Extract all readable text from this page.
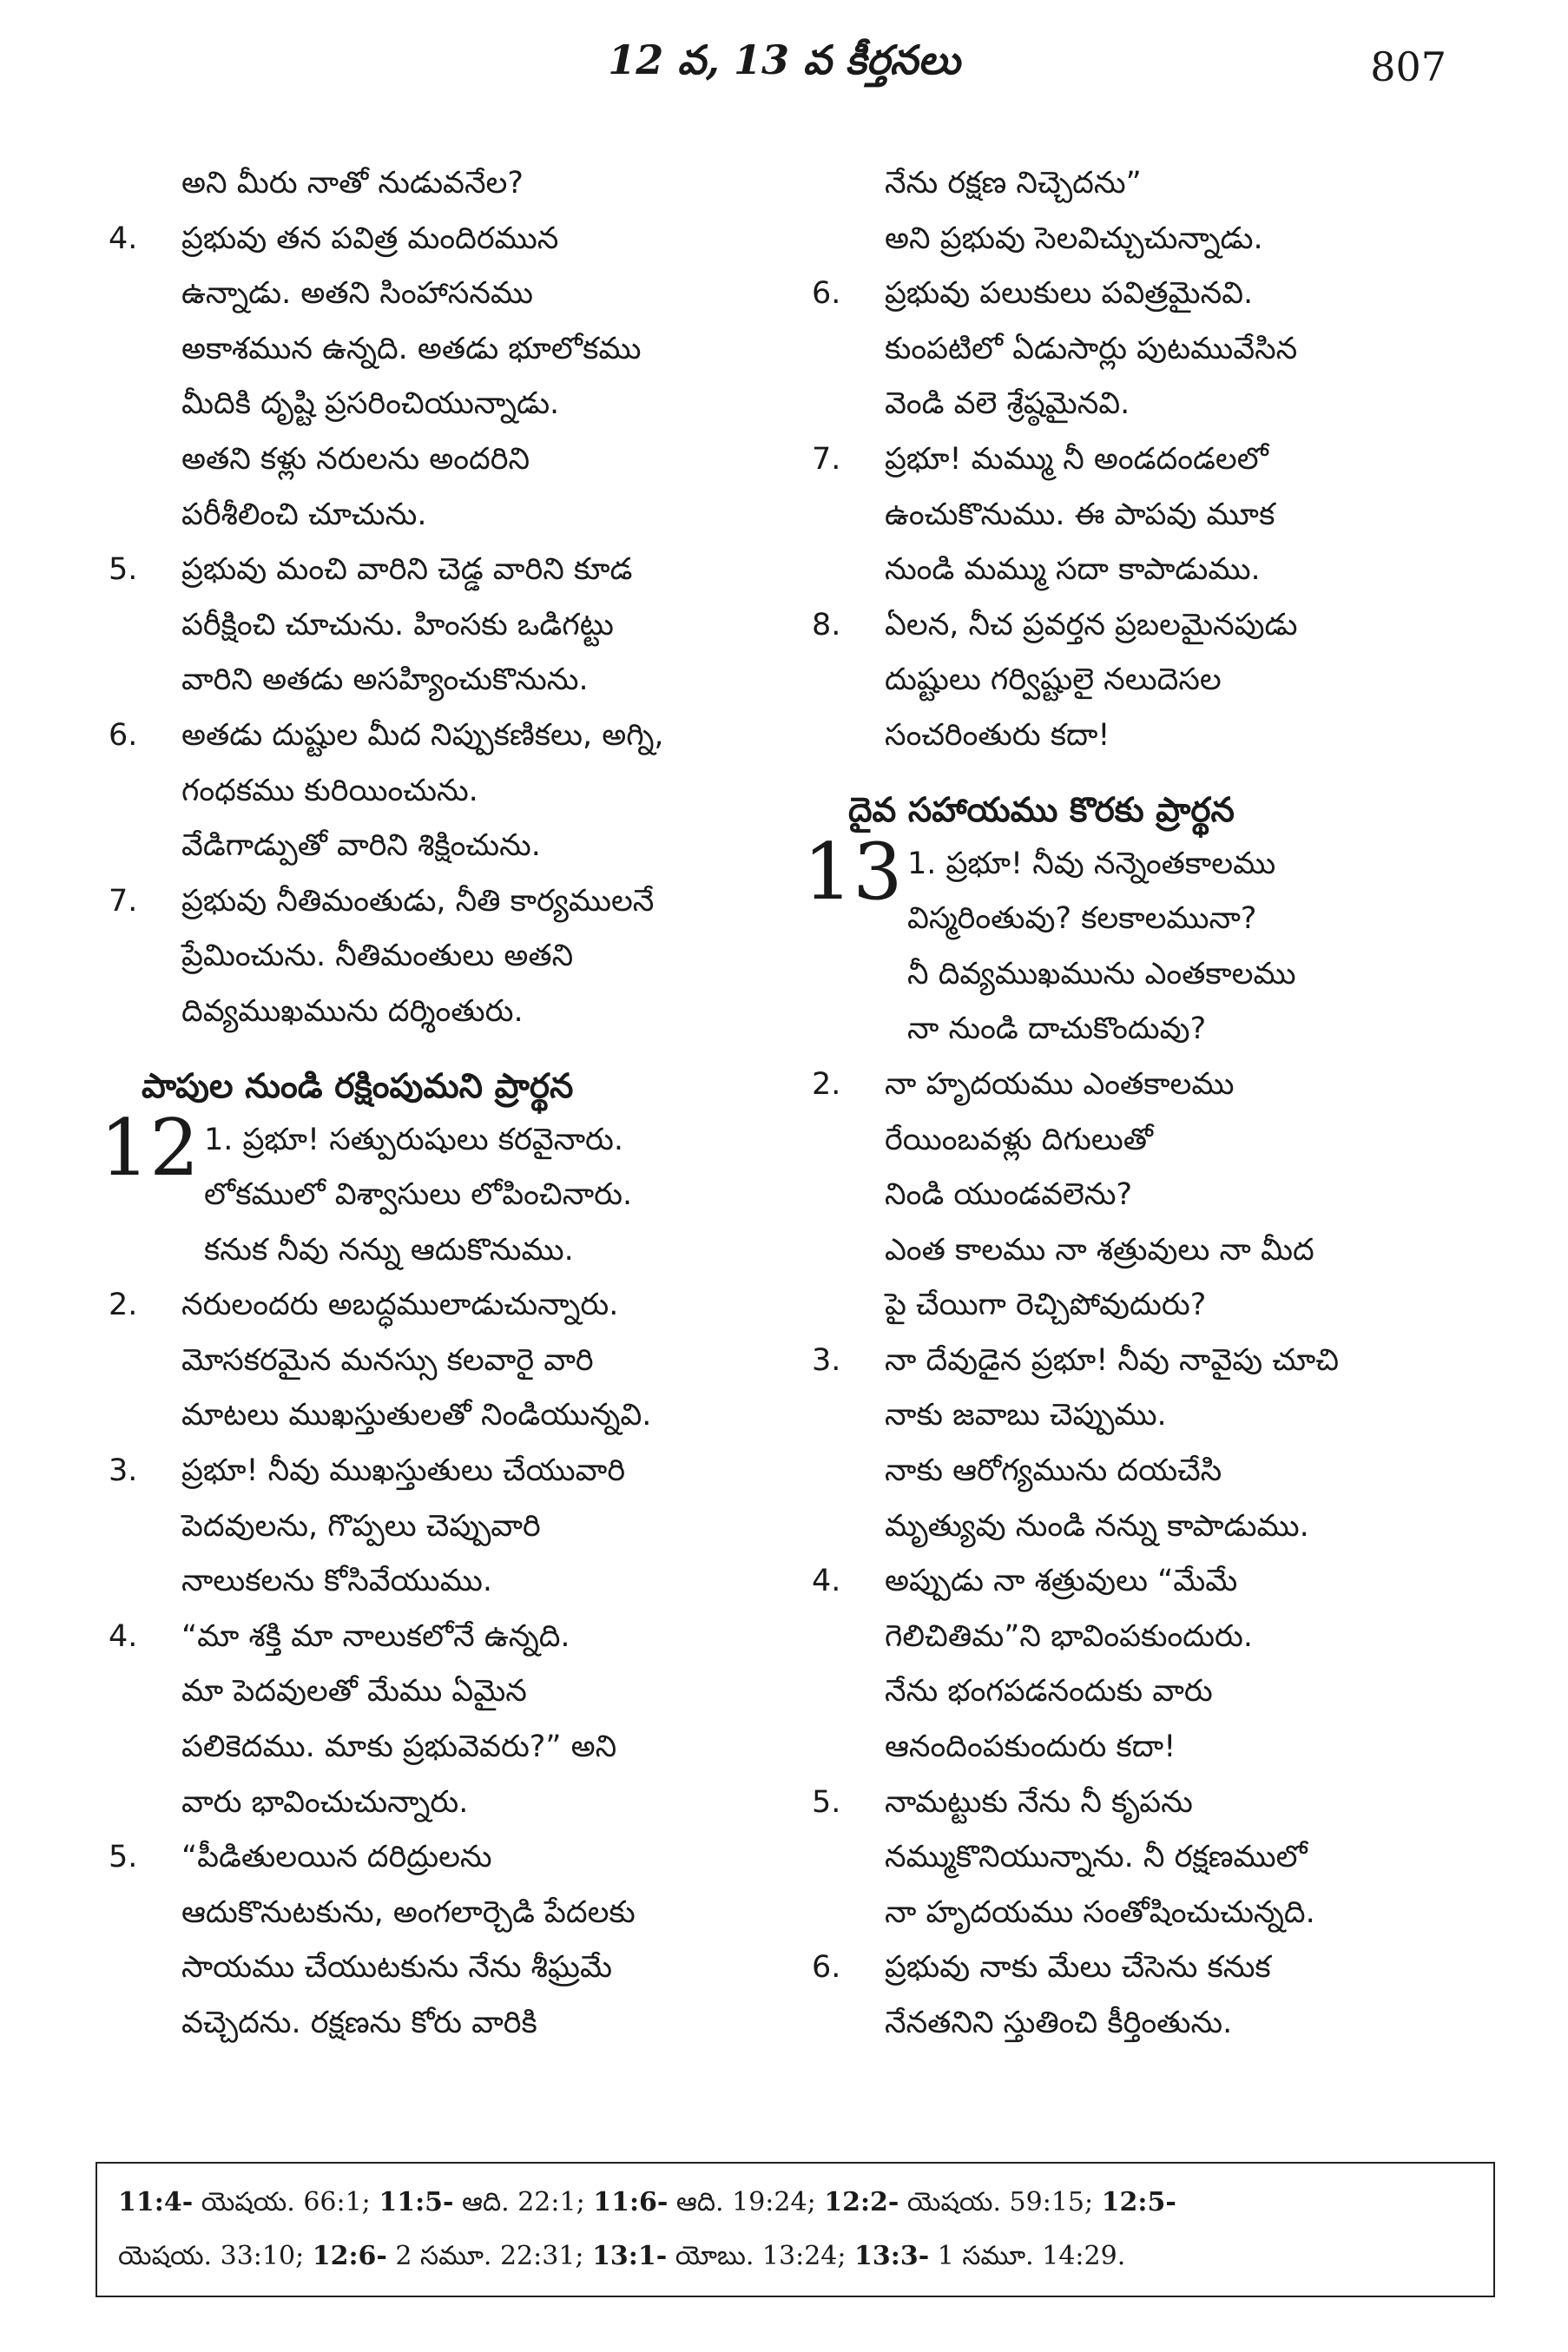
12 వ, 13 వ కీర్తనలు	807
అని మీరు నాతో నుడువనేల?
4.	ప్రభువు తన పవిత్ర మందిరమున
ఉన్నాడు. అతని సింహాసనము
అకాశమున ఉన్నది. అతడు భూలోకము
మీదికి దృష్టి ప్రసరించియున్నాడు.
అతని కళ్లు నరులను అందరిని
పరీశీలించి చూచును.
5.	ప్రభువు మంచి వారిని చెడ్డ వారిని కూడ
పరీక్షించి చూచును. హింసకు ఒడిగట్టు
వారిని అతడు అసహ్యించుకొనును.
6.	అతడు దుష్టుల మీద నిప్పుకణికలు, అగ్ని,
గంధకము కురియించును.
వేడిగాడ్పుతో వారిని శిక్షించును.
7.	ప్రభువు నీతిమంతుడు, నీతి కార్యములనే
ప్రేమించును. నీతిమంతులు అతని
దివ్యముఖమును దర్శింతురు.
పాపుల నుండి రక్షింపుమని ప్రార్థన
12 1. ప్రభూ! సత్పురుషులు కరవైనారు.
లోకములో విశ్వాసులు లోపించినారు.
కనుక నీవు నన్ను ఆదుకొనుము.
2.	నరులందరు అబద్ధములాడుచున్నారు.
మోసకరమైన మనస్సు కలవారై వారి
మాటలు ముఖస్తుతులతో నిండియున్నవి.
3.	ప్రభూ! నీవు ముఖస్తుతులు చేయువారి
పెదవులను, గొప్పలు చెప్పువారి
నాలుకలను కోసివేయుము.
4.	“మా శక్తి మా నాలుకలోనే ఉన్నది.
మా పెదవులతో మేము ఏమైన
పలికెదము. మాకు ప్రభువెవరు?” అని
వారు భావించుచున్నారు.
5.	“పీడితులయిన దరిద్రులను
ఆదుకొనుటకును, అంగలార్చెడి పేదలకు
సాయము చేయుటకును నేను శీఘ్రమే
వచ్చెదను. రక్షణను కోరు వారికి
నేను రక్షణ నిచ్చెదను”
అని ప్రభువు సెలవిచ్చుచున్నాడు.
6.	ప్రభువు పలుకులు పవిత్రమైనవి.
కుంపటిలో ఏడుసార్లు పుటమువేసిన
వెండి వలె శ్రేష్ఠమైనవి.
7.	ప్రభూ! మమ్ము నీ అండదండలలో
ఉంచుకొనుము. ఈ పాపవు మూక
నుండి మమ్ము సదా కాపాడుము.
8.	ఏలన, నీచ ప్రవర్తన ప్రబలమైనపుడు
దుష్టులు గర్విష్టులై నలుదెసల
సంచరింతురు కదా!
దైవ సహాయము కొరకు ప్రార్థన
13 1. ప్రభూ! నీవు నన్నెంతకాలము
విస్మరింతువు? కలకాలమునా?
నీ దివ్యముఖమును ఎంతకాలము
నా నుండి దాచుకొందువు?
2.	నా హృదయము ఎంతకాలము
రేయింబవళ్లు దిగులుతో
నిండి యుండవలెను?
ఎంత కాలము నా శత్రువులు నా మీద
పై చేయిగా రెచ్చిపోవుదురు?
3.	నా దేవుడైన ప్రభూ! నీవు నావైపు చూచి
నాకు జవాబు చెప్పుము.
నాకు ఆరోగ్యమును దయచేసి
మృత్యువు నుండి నన్ను కాపాడుము.
4.	అప్పుడు నా శత్రువులు “మేమే
గెలిచితిమ”ని భావింపకుందురు.
నేను భంగపడనందుకు వారు
ఆనందింపకుందురు కదా!
5.	నామట్టుకు నేను నీ కృపను
నమ్ముకొనియున్నాను. నీ రక్షణములో
నా హృదయము సంతోషించుచున్నది.
6.	ప్రభువు నాకు మేలు చేసెను కనుక
నేనతనిని స్తుతించి కీర్తింతును.
11:4- యెషయ. 66:1; 11:5- ఆది. 22:1; 11:6- ఆది. 19:24; 12:2- యెషయ. 59:15; 12:5-
యెషయ. 33:10; 12:6- 2 సమూ. 22:31; 13:1- యోబు. 13:24; 13:3- 1 సమూ. 14:29.
